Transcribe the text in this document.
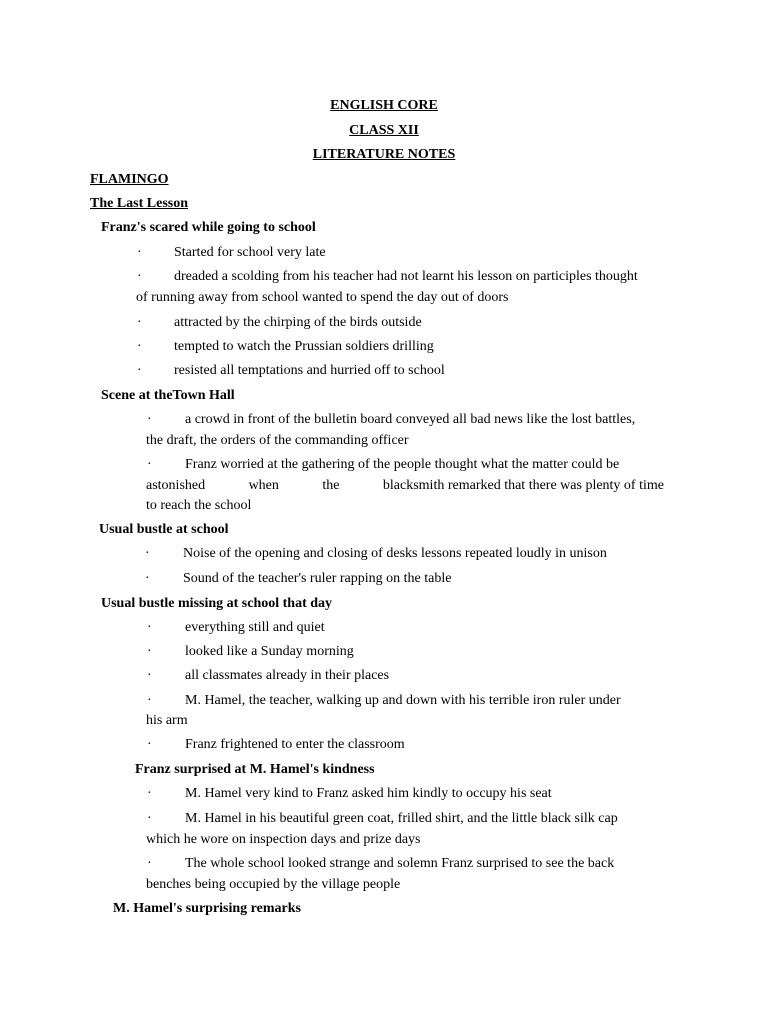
ENGLISH CORE
CLASS XII
LITERATURE NOTES
FLAMINGO
The Last Lesson
Franz's scared while going to school
· Started for school very late
· dreaded a scolding from his teacher had not learnt his lesson on participles thought
of running away from school wanted to spend the day out of doors
· attracted by the chirping of the birds outside
· tempted to watch the Prussian soldiers drilling
· resisted all temptations and hurried off to school
Scene at theTown Hall
· a crowd in front of the bulletin board conveyed all bad news like the lost battles,
the draft, the orders of the commanding officer
· Franz worried at the gathering of the people thought what the matter could be
astonished	when	the	blacksmith remarked that there was plenty of time
to reach the school
Usual bustle at school
· Noise of the opening and closing of desks lessons repeated loudly in unison
· Sound of the teacher's ruler rapping on the table
Usual bustle missing at school that day
· everything still and quiet
· looked like a Sunday morning
· all classmates already in their places
· M. Hamel, the teacher, walking up and down with his terrible iron ruler under
his arm
· Franz frightened to enter the classroom
Franz surprised at M. Hamel's kindness
· M. Hamel very kind to Franz asked him kindly to occupy his seat
· M. Hamel in his beautiful green coat, frilled shirt, and the little black silk cap
which he wore on inspection days and prize days
· The whole school looked strange and solemn Franz surprised to see the back
benches being occupied by the village people
M. Hamel's surprising remarks
